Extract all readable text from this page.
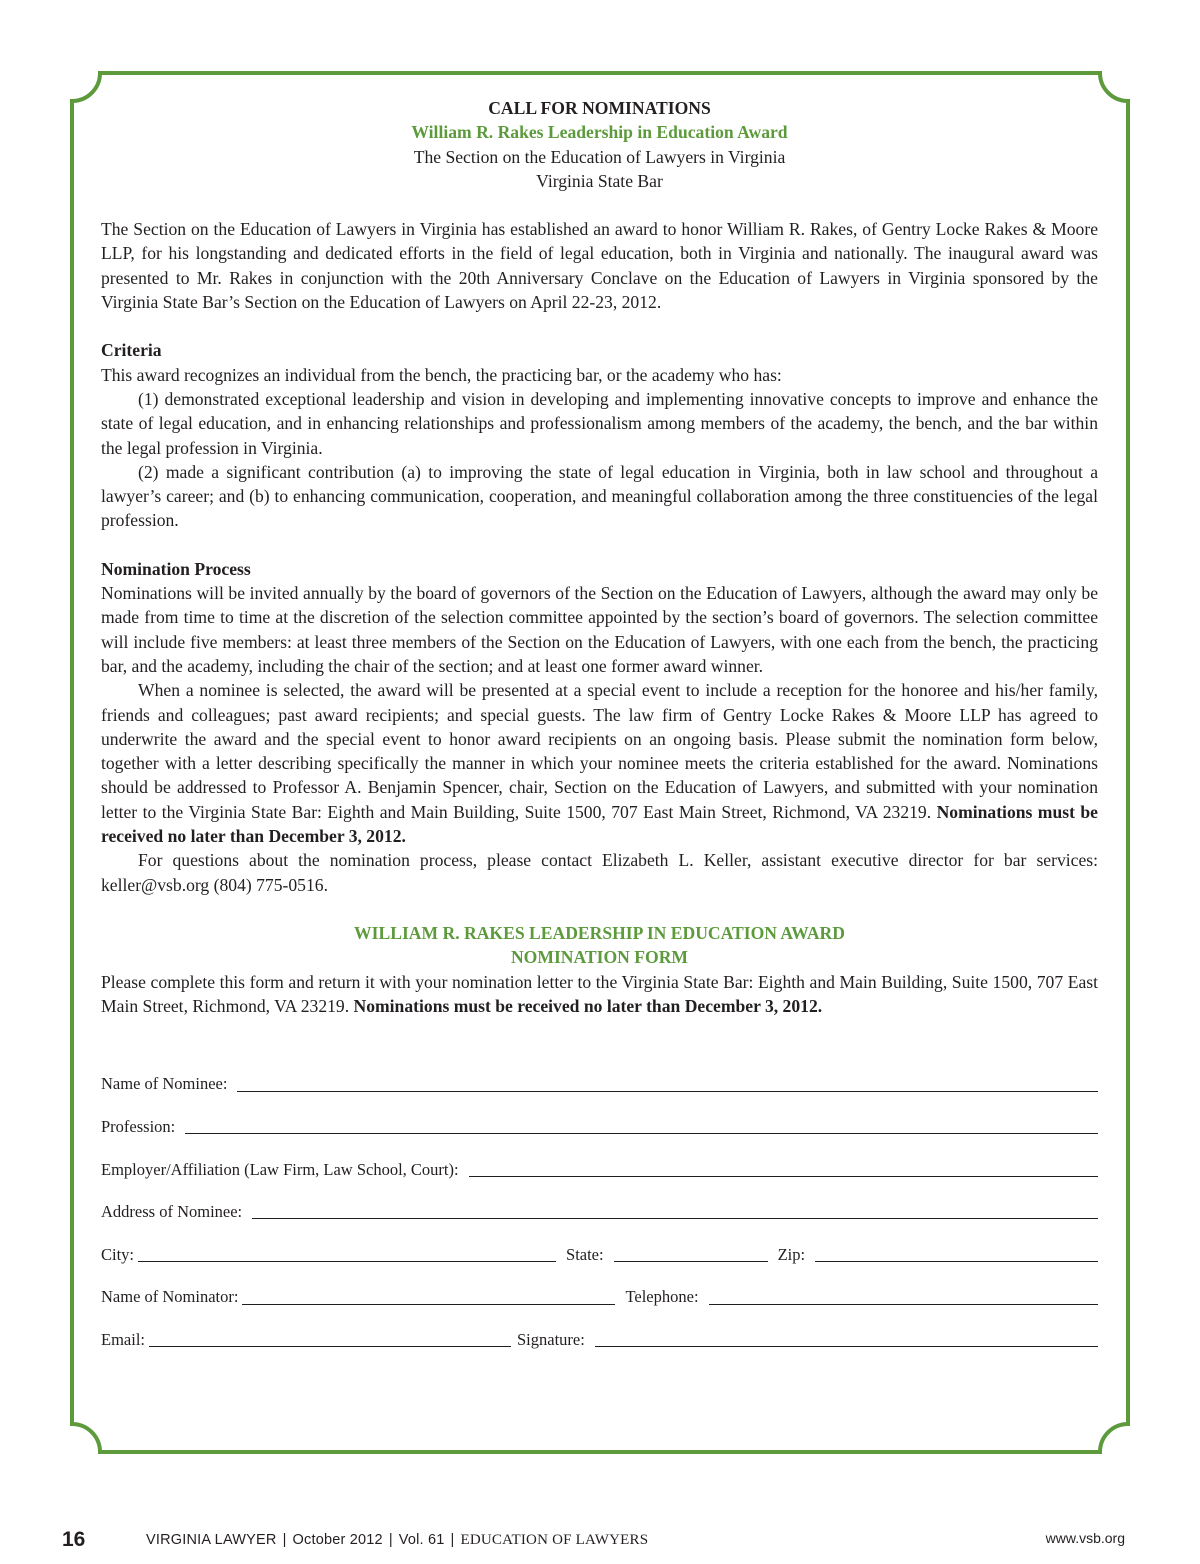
CALL FOR NOMINATIONS
William R. Rakes Leadership in Education Award
The Section on the Education of Lawyers in Virginia
Virginia State Bar

The Section on the Education of Lawyers in Virginia has established an award to honor William R. Rakes, of Gentry Locke Rakes & Moore LLP, for his longstanding and dedicated efforts in the field of legal education, both in Virginia and nationally. The inaugural award was presented to Mr. Rakes in conjunction with the 20th Anniversary Conclave on the Education of Lawyers in Virginia sponsored by the Virginia State Bar’s Section on the Education of Lawyers on April 22-23, 2012.

Criteria

This award recognizes an individual from the bench, the practicing bar, or the academy who has:

(1) demonstrated exceptional leadership and vision in developing and implementing innovative concepts to improve and enhance the state of legal education, and in enhancing relationships and professionalism among members of the academy, the bench, and the bar within the legal profession in Virginia.

(2) made a significant contribution (a) to improving the state of legal education in Virginia, both in law school and throughout a lawyer’s career; and (b) to enhancing communication, cooperation, and meaningful collaboration among the three constituencies of the legal profession.

Nomination Process

Nominations will be invited annually by the board of governors of the Section on the Education of Lawyers, although the award may only be made from time to time at the discretion of the selection committee appointed by the section’s board of governors. The selection committee will include five members: at least three members of the Section on the Education of Lawyers, with one each from the bench, the practicing bar, and the academy, including the chair of the section; and at least one former award winner.

When a nominee is selected, the award will be presented at a special event to include a reception for the honoree and his/her family, friends and colleagues; past award recipients; and special guests. The law firm of Gentry Locke Rakes & Moore LLP has agreed to underwrite the award and the special event to honor award recipients on an ongoing basis. Please submit the nomination form below, together with a letter describing specifically the manner in which your nominee meets the criteria established for the award. Nominations should be addressed to Professor A. Benjamin Spencer, chair, Section on the Education of Lawyers, and submitted with your nomination letter to the Virginia State Bar: Eighth and Main Building, Suite 1500, 707 East Main Street, Richmond, VA 23219. Nominations must be received no later than December 3, 2012.

For questions about the nomination process, please contact Elizabeth L. Keller, assistant executive director for bar services: keller@vsb.org (804) 775-0516.

WILLIAM R. RAKES LEADERSHIP IN EDUCATION AWARD
NOMINATION FORM

Please complete this form and return it with your nomination letter to the Virginia State Bar: Eighth and Main Building, Suite 1500, 707 East Main Street, Richmond, VA 23219. Nominations must be received no later than December 3, 2012.

Name of Nominee:
Profession:
Employer/Affiliation (Law Firm, Law School, Court):
Address of Nominee:
City:	State:	Zip:
Name of Nominator:	Telephone:
Email:	Signature:
16	VIRGINIA LAWYER | October 2012 | Vol. 61 | EDUCATION OF LAWYERS	www.vsb.org
